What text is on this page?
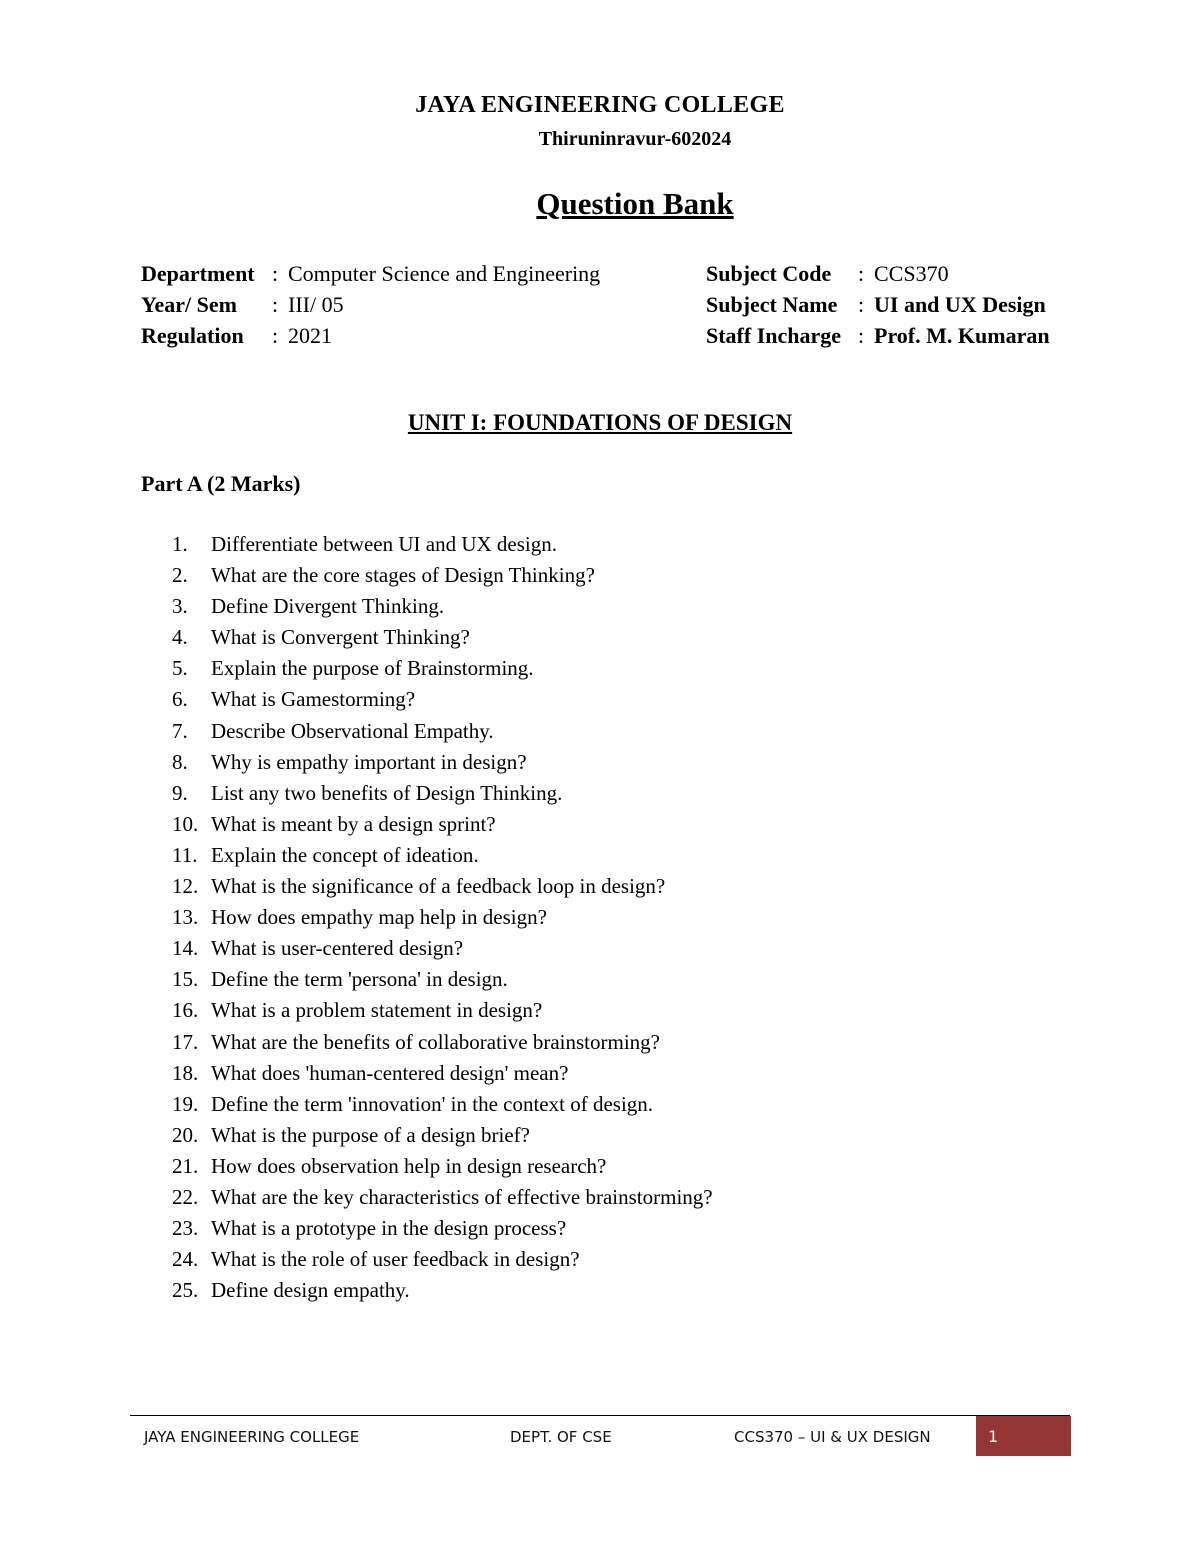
JAYA ENGINEERING COLLEGE
Thiruninravur-602024
Question Bank
Department : Computer Science and Engineering
Year/ Sem : III/ 05
Regulation : 2021
Subject Code : CCS370
Subject Name : UI and UX Design
Staff Incharge : Prof. M. Kumaran
UNIT I: FOUNDATIONS OF DESIGN
Part A (2 Marks)
1. Differentiate between UI and UX design.
2. What are the core stages of Design Thinking?
3. Define Divergent Thinking.
4. What is Convergent Thinking?
5. Explain the purpose of Brainstorming.
6. What is Gamestorming?
7. Describe Observational Empathy.
8. Why is empathy important in design?
9. List any two benefits of Design Thinking.
10. What is meant by a design sprint?
11. Explain the concept of ideation.
12. What is the significance of a feedback loop in design?
13. How does empathy map help in design?
14. What is user-centered design?
15. Define the term 'persona' in design.
16. What is a problem statement in design?
17. What are the benefits of collaborative brainstorming?
18. What does 'human-centered design' mean?
19. Define the term 'innovation' in the context of design.
20. What is the purpose of a design brief?
21. How does observation help in design research?
22. What are the key characteristics of effective brainstorming?
23. What is a prototype in the design process?
24. What is the role of user feedback in design?
25. Define design empathy.
JAYA ENGINEERING COLLEGE	DEPT. OF CSE	CCS370 – UI & UX DESIGN	1
